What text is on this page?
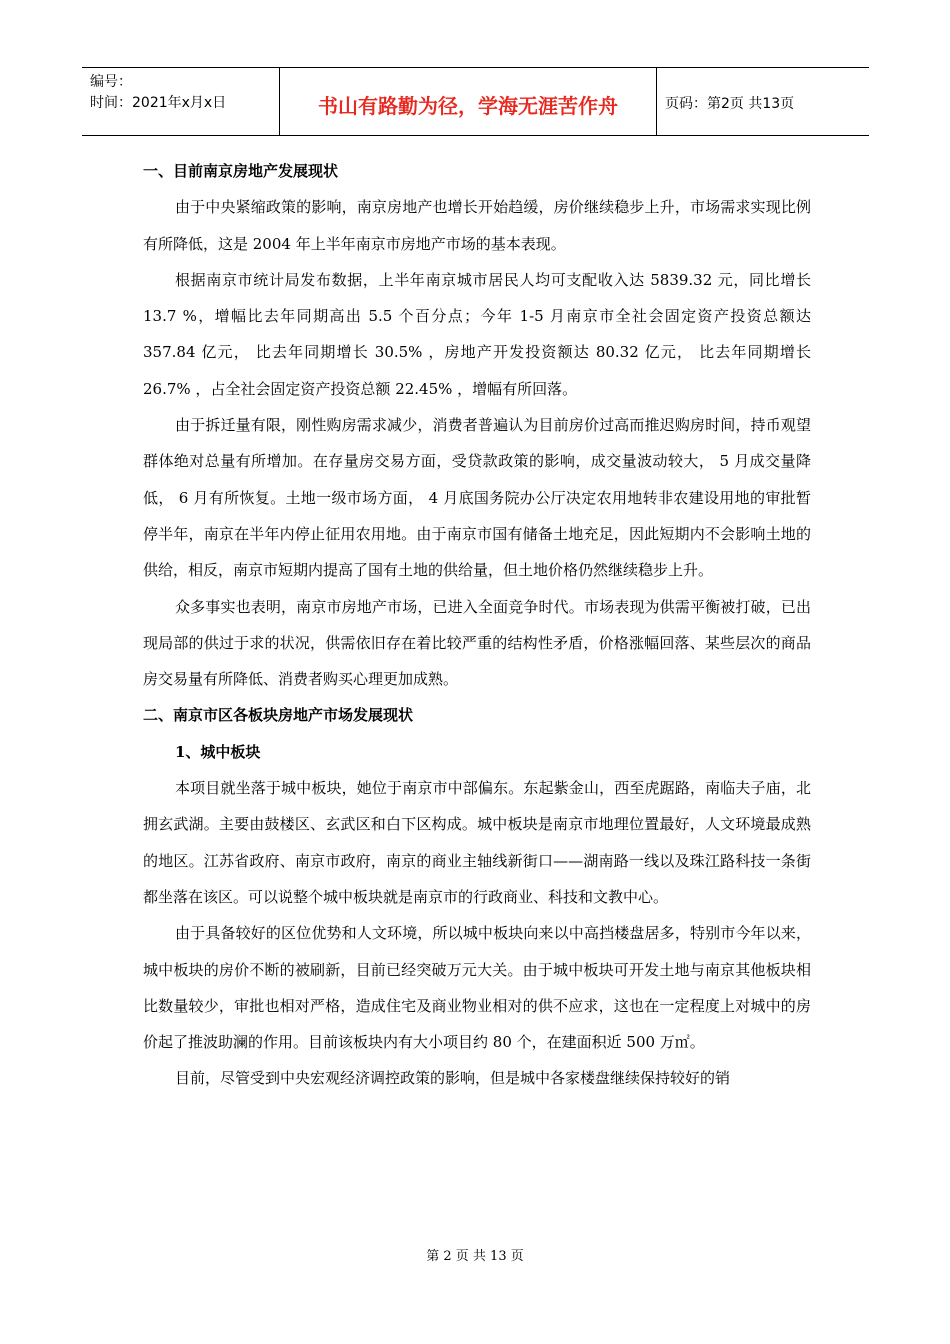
编号：
时间：2021年x月x日	书山有路勤为径，学海无涯苦作舟	页码：第2页 共13页

一、目前南京房地产发展现状

由于中央紧缩政策的影响，南京房地产也增长开始趋缓，房价继续稳步上升，市场需求实现比例有所降低，这是 2004 年上半年南京市房地产市场的基本表现。

根据南京市统计局发布数据，上半年南京城市居民人均可支配收入达 5839.32 元，同比增长 13.7 %，增幅比去年同期高出 5.5 个百分点；今年 1-5 月南京市全社会固定资产投资总额达 357.84 亿元， 比去年同期增长 30.5% ，房地产开发投资额达 80.32 亿元， 比去年同期增长 26.7% ，占全社会固定资产投资总额 22.45% ，增幅有所回落。

由于拆迁量有限，刚性购房需求减少，消费者普遍认为目前房价过高而推迟购房时间，持币观望群体绝对总量有所增加。在存量房交易方面，受贷款政策的影响，成交量波动较大， 5 月成交量降低， 6 月有所恢复。土地一级市场方面， 4 月底国务院办公厅决定农用地转非农建设用地的审批暂停半年，南京在半年内停止征用农用地。由于南京市国有储备土地充足，因此短期内不会影响土地的供给，相反，南京市短期内提高了国有土地的供给量，但土地价格仍然继续稳步上升。

众多事实也表明，南京市房地产市场，已进入全面竞争时代。市场表现为供需平衡被打破，已出现局部的供过于求的状况，供需依旧存在着比较严重的结构性矛盾，价格涨幅回落、某些层次的商品房交易量有所降低、消费者购买心理更加成熟。

二、南京市区各板块房地产市场发展现状

1、城中板块

本项目就坐落于城中板块，她位于南京市中部偏东。东起紫金山，西至虎踞路，南临夫子庙，北拥玄武湖。主要由鼓楼区、玄武区和白下区构成。城中板块是南京市地理位置最好，人文环境最成熟的地区。江苏省政府、南京市政府，南京的商业主轴线新街口——湖南路一线以及珠江路科技一条街都坐落在该区。可以说整个城中板块就是南京市的行政商业、科技和文教中心。

由于具备较好的区位优势和人文环境，所以城中板块向来以中高挡楼盘居多，特别市今年以来，城中板块的房价不断的被刷新，目前已经突破万元大关。由于城中板块可开发土地与南京其他板块相比数量较少，审批也相对严格，造成住宅及商业物业相对的供不应求，这也在一定程度上对城中的房价起了推波助澜的作用。目前该板块内有大小项目约 80 个，在建面积近 500 万㎡。

目前，尽管受到中央宏观经济调控政策的影响，但是城中各家楼盘继续保持较好的销

第 2 页 共 13 页
